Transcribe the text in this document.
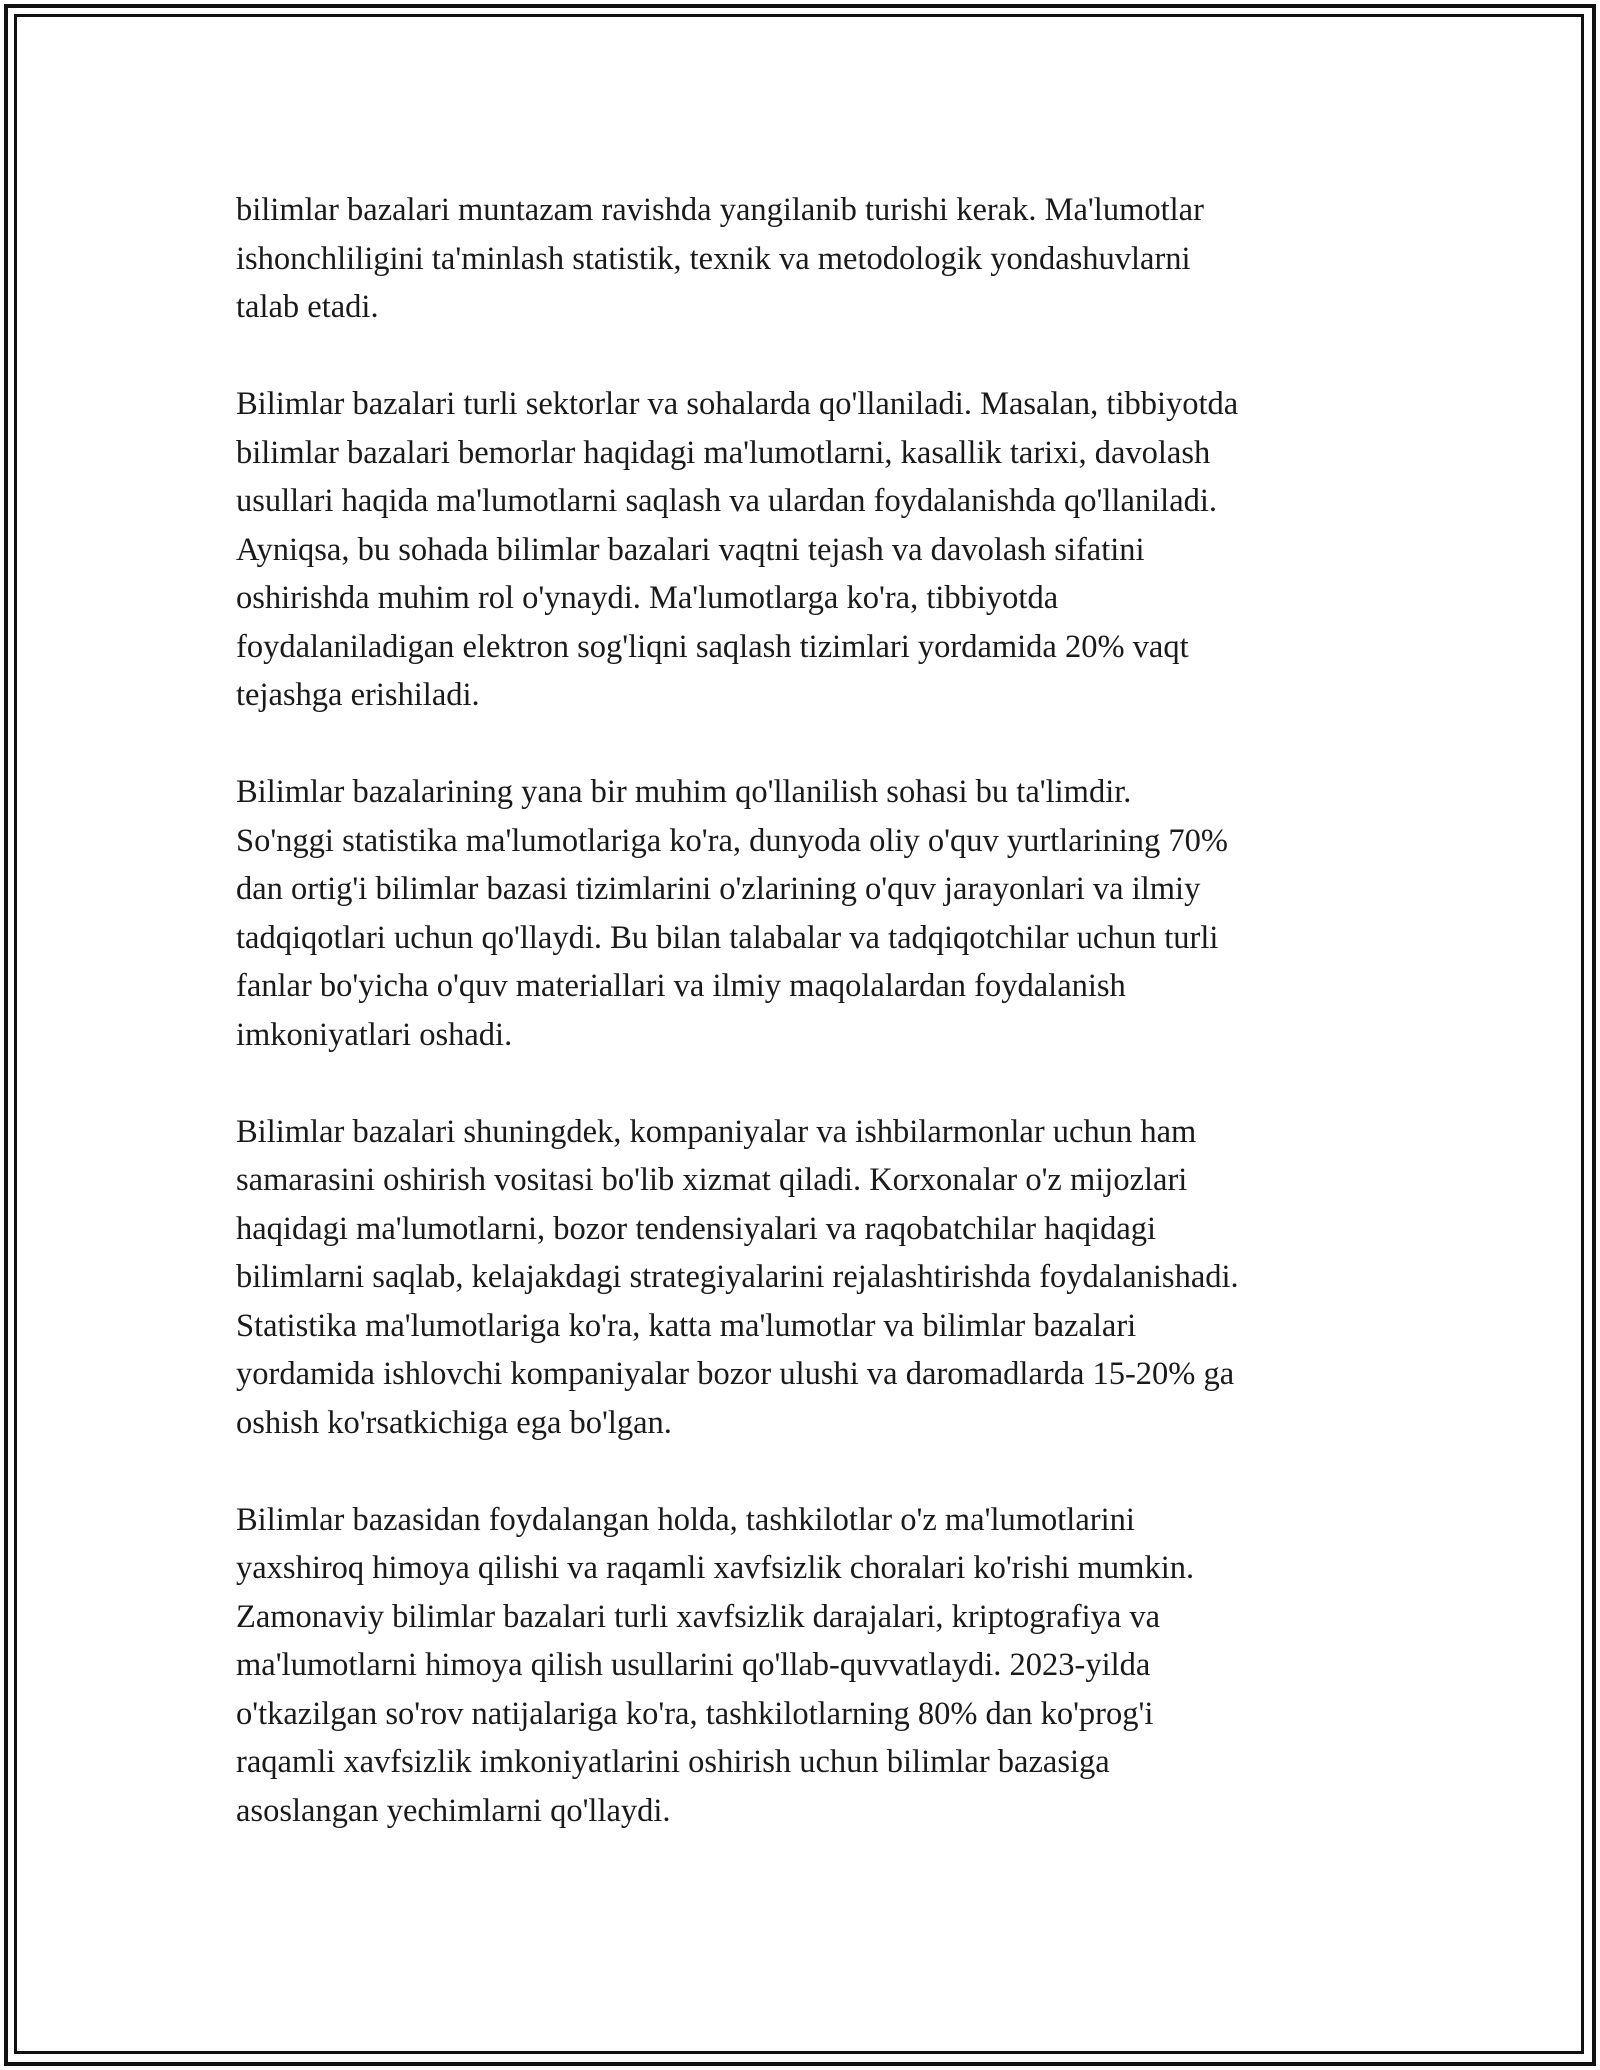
bilimlar bazalari muntazam ravishda yangilanib turishi kerak. Ma'lumotlar
ishonchliligini ta'minlash statistik, texnik va metodologik yondashuvlarni
talab etadi.

Bilimlar bazalari turli sektorlar va sohalarda qo'llaniladi. Masalan, tibbiyotda
bilimlar bazalari bemorlar haqidagi ma'lumotlarni, kasallik tarixi, davolash
usullari haqida ma'lumotlarni saqlash va ulardan foydalanishda qo'llaniladi.
Ayniqsa, bu sohada bilimlar bazalari vaqtni tejash va davolash sifatini
oshirishda muhim rol o'ynaydi. Ma'lumotlarga ko'ra, tibbiyotda
foydalaniladigan elektron sog'liqni saqlash tizimlari yordamida 20% vaqt
tejashga erishiladi.

Bilimlar bazalarining yana bir muhim qo'llanilish sohasi bu ta'limdir.
So'nggi statistika ma'lumotlariga ko'ra, dunyoda oliy o'quv yurtlarining 70%
dan ortig'i bilimlar bazasi tizimlarini o'zlarining o'quv jarayonlari va ilmiy
tadqiqotlari uchun qo'llaydi. Bu bilan talabalar va tadqiqotchilar uchun turli
fanlar bo'yicha o'quv materiallari va ilmiy maqolalardan foydalanish
imkoniyatlari oshadi.

Bilimlar bazalari shuningdek, kompaniyalar va ishbilarmonlar uchun ham
samarasini oshirish vositasi bo'lib xizmat qiladi. Korxonalar o'z mijozlari
haqidagi ma'lumotlarni, bozor tendensiyalari va raqobatchilar haqidagi
bilimlarni saqlab, kelajakdagi strategiyalarini rejalashtirishda foydalanishadi.
Statistika ma'lumotlariga ko'ra, katta ma'lumotlar va bilimlar bazalari
yordamida ishlovchi kompaniyalar bozor ulushi va daromadlarda 15-20% ga
oshish ko'rsatkichiga ega bo'lgan.

Bilimlar bazasidan foydalangan holda, tashkilotlar o'z ma'lumotlarini
yaxshiroq himoya qilishi va raqamli xavfsizlik choralari ko'rishi mumkin.
Zamonaviy bilimlar bazalari turli xavfsizlik darajalari, kriptografiya va
ma'lumotlarni himoya qilish usullarini qo'llab-quvvatlaydi. 2023-yilda
o'tkazilgan so'rov natijalariga ko'ra, tashkilotlarning 80% dan ko'prog'i
raqamli xavfsizlik imkoniyatlarini oshirish uchun bilimlar bazasiga
asoslangan yechimlarni qo'llaydi.
